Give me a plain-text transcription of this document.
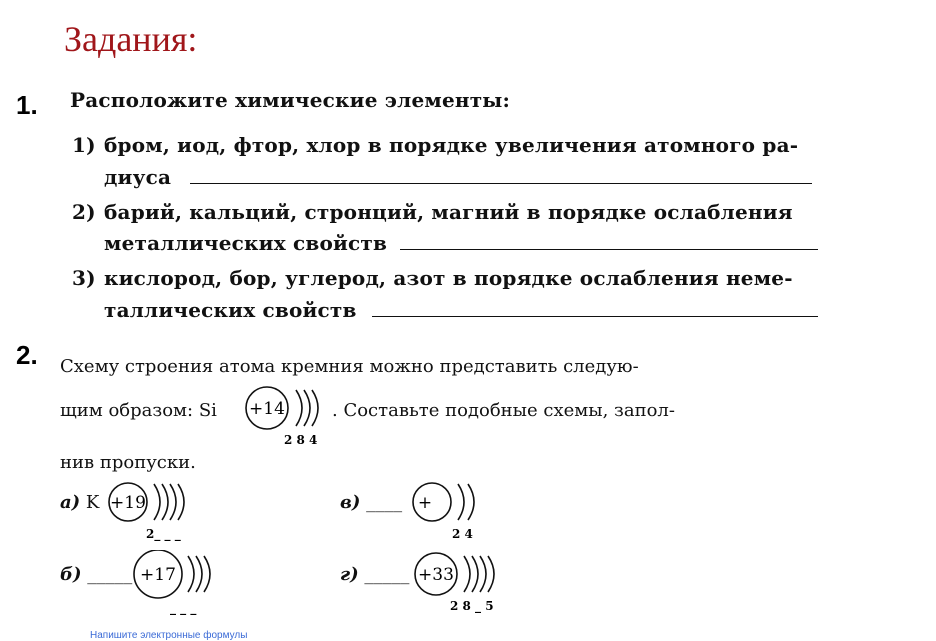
Задания:
1. Расположите химические элементы:
1) бром, иод, фтор, хлор в порядке увеличения атомного ра-
диуса
2) барий, кальций, стронций, магний в порядке ослабления
металлических свойств
3) кислород, бор, углерод, азот в порядке ослабления неме-
таллических свойств
2. Схему строения атома кремния можно представить следую-
щим образом: Si +14
2 8 4
. Составьте подобные схемы, запол-
нив пропуски.
а) K +19
2_ _ _
в) ____ +
2 4
б) _____ +17
_ _ _
г) _____ +33
2 8 _ 5
Напишите электронные формулы
